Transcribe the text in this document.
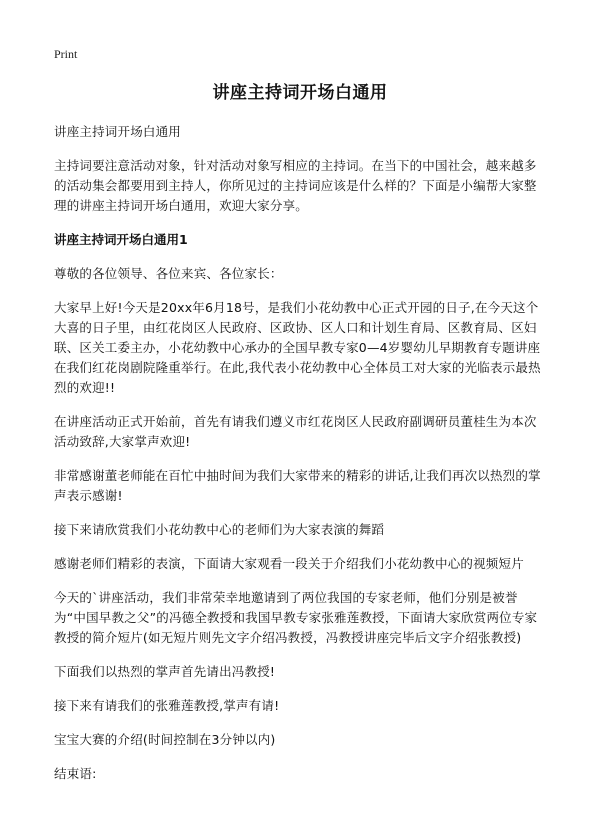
Print
讲座主持词开场白通用

讲座主持词开场白通用

主持词要注意活动对象，针对活动对象写相应的主持词。在当下的中国社会，越来越多的活动集会都要用到主持人，你所见过的主持词应该是什么样的？下面是小编帮大家整理的讲座主持词开场白通用，欢迎大家分享。

讲座主持词开场白通用1

尊敬的各位领导、各位来宾、各位家长：

大家早上好!今天是20xx年6月18号，是我们小花幼教中心正式开园的日子,在今天这个大喜的日子里，由红花岗区人民政府、区政协、区人口和计划生育局、区教育局、区妇联、区关工委主办，小花幼教中心承办的全国早教专家0—4岁婴幼儿早期教育专题讲座在我们红花岗剧院隆重举行。在此,我代表小花幼教中心全体员工对大家的光临表示最热烈的欢迎!!

在讲座活动正式开始前，首先有请我们遵义市红花岗区人民政府副调研员董桂生为本次活动致辞,大家掌声欢迎!

非常感谢董老师能在百忙中抽时间为我们大家带来的精彩的讲话,让我们再次以热烈的掌声表示感谢!

接下来请欣赏我们小花幼教中心的老师们为大家表演的舞蹈

感谢老师们精彩的表演，下面请大家观看一段关于介绍我们小花幼教中心的视频短片

今天的`讲座活动，我们非常荣幸地邀请到了两位我国的专家老师，他们分别是被誉为“中国早教之父”的冯德全教授和我国早教专家张雅莲教授，下面请大家欣赏两位专家教授的简介短片(如无短片则先文字介绍冯教授，冯教授讲座完毕后文字介绍张教授)

下面我们以热烈的掌声首先请出冯教授!

接下来有请我们的张雅莲教授,掌声有请!

宝宝大赛的介绍(时间控制在3分钟以内)

结束语:
